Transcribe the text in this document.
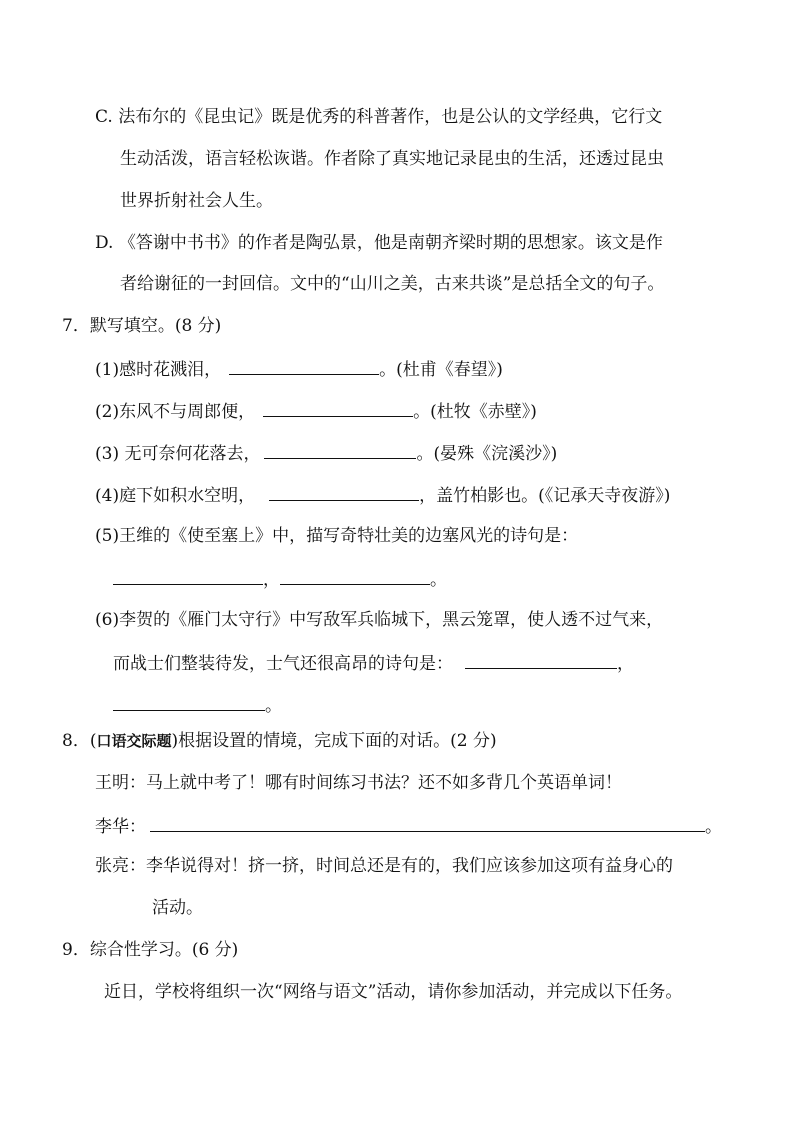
C. 法布尔的《昆虫记》既是优秀的科普著作，也是公认的文学经典，它行文
生动活泼，语言轻松诙谐。作者除了真实地记录昆虫的生活，还透过昆虫
世界折射社会人生。
D. 《答谢中书书》的作者是陶弘景，他是南朝齐梁时期的思想家。该文是作
者给谢征的一封回信。文中的“山川之美，古来共谈”是总括全文的句子。
7．默写填空。(8 分)
(1)感时花溅泪，	。(杜甫《春望》)
(2)东风不与周郎便，	。(杜牧《赤壁》)
(3) 无可奈何花落去，	。(晏殊《浣溪沙》)
(4)庭下如积水空明，	，盖竹柏影也。(《记承天寺夜游》)
(5)王维的《使至塞上》中，描写奇特壮美的边塞风光的诗句是：
，	。
(6)李贺的《雁门太守行》中写敌军兵临城下，黑云笼罩，使人透不过气来，
而战士们整装待发，士气还很高昂的诗句是：	，
。
8．(口语交际题)根据设置的情境，完成下面的对话。(2 分)
王明：马上就中考了！哪有时间练习书法？还不如多背几个英语单词！
李华：	。
张亮：李华说得对！挤一挤，时间总还是有的，我们应该参加这项有益身心的
活动。
9．综合性学习。(6 分)
近日，学校将组织一次“网络与语文”活动，请你参加活动，并完成以下任务。
